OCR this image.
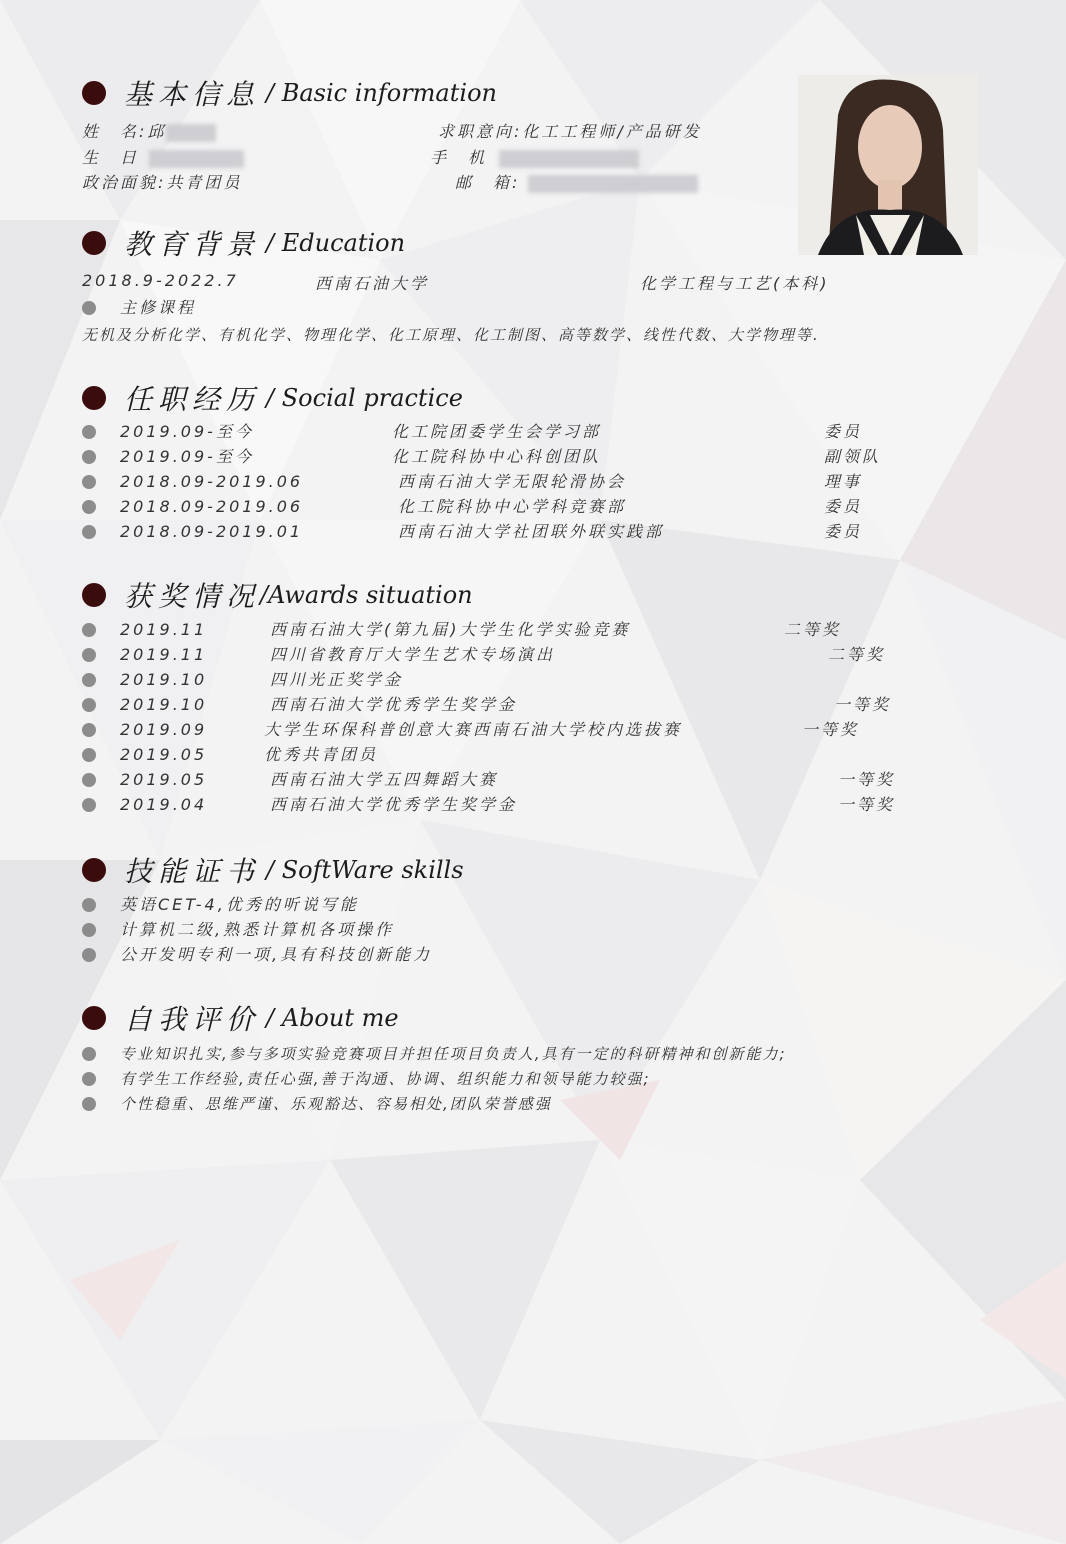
基本信息 / Basic information
姓　名:邱	求职意向:化工工程师/产品研发
生　日	手　机
政治面貌:共青团员	邮　箱:
教育背景 / Education
2018.9-2022.7	西南石油大学	化学工程与工艺(本科)
主修课程
无机及分析化学、有机化学、物理化学、化工原理、化工制图、高等数学、线性代数、大学物理等.
任职经历 / Social practice
2019.09-至今	化工院团委学生会学习部	委员
2019.09-至今	化工院科协中心科创团队	副领队
2018.09-2019.06	西南石油大学无限轮滑协会	理事
2018.09-2019.06	化工院科协中心学科竞赛部	委员
2018.09-2019.01	西南石油大学社团联外联实践部	委员
获奖情况 /Awards situation
2019.11	西南石油大学(第九届)大学生化学实验竞赛	二等奖
2019.11	四川省教育厅大学生艺术专场演出	二等奖
2019.10	四川光正奖学金
2019.10	西南石油大学优秀学生奖学金	一等奖
2019.09	大学生环保科普创意大赛西南石油大学校内选拔赛	一等奖
2019.05	优秀共青团员
2019.05	西南石油大学五四舞蹈大赛	一等奖
2019.04	西南石油大学优秀学生奖学金	一等奖
技能证书 / SoftWare skills
英语CET-4,优秀的听说写能
计算机二级,熟悉计算机各项操作
公开发明专利一项,具有科技创新能力
自我评价 / About me
专业知识扎实,参与多项实验竞赛项目并担任项目负责人,具有一定的科研精神和创新能力;
有学生工作经验,责任心强,善于沟通、协调、组织能力和领导能力较强;
个性稳重、思维严谨、乐观豁达、容易相处,团队荣誉感强
